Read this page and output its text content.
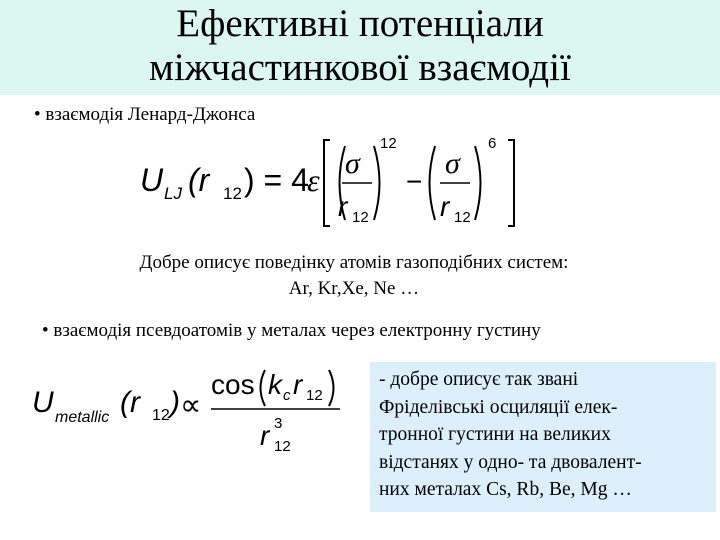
Ефективні потенціали
міжчастинкової взаємодії
• взаємодія Ленард-Джонса
U LJ (r 12 ) = 4
ε σ
r 12
12
−
σ
r 12
6
Добре описує поведінку атомів газоподібних систем:
Ar, Kr,Xe, Ne …
• взаємодія псевдоатомів у металах через електронну густину
U metallic (r 12 ) ∝
cos k c r 12
r 3
12
- добре описує так звані
Фріделівські осциляції елек-
тронної густини на великих
відстанях у одно- та двовалент-
них металах Cs, Rb, Be, Mg …
